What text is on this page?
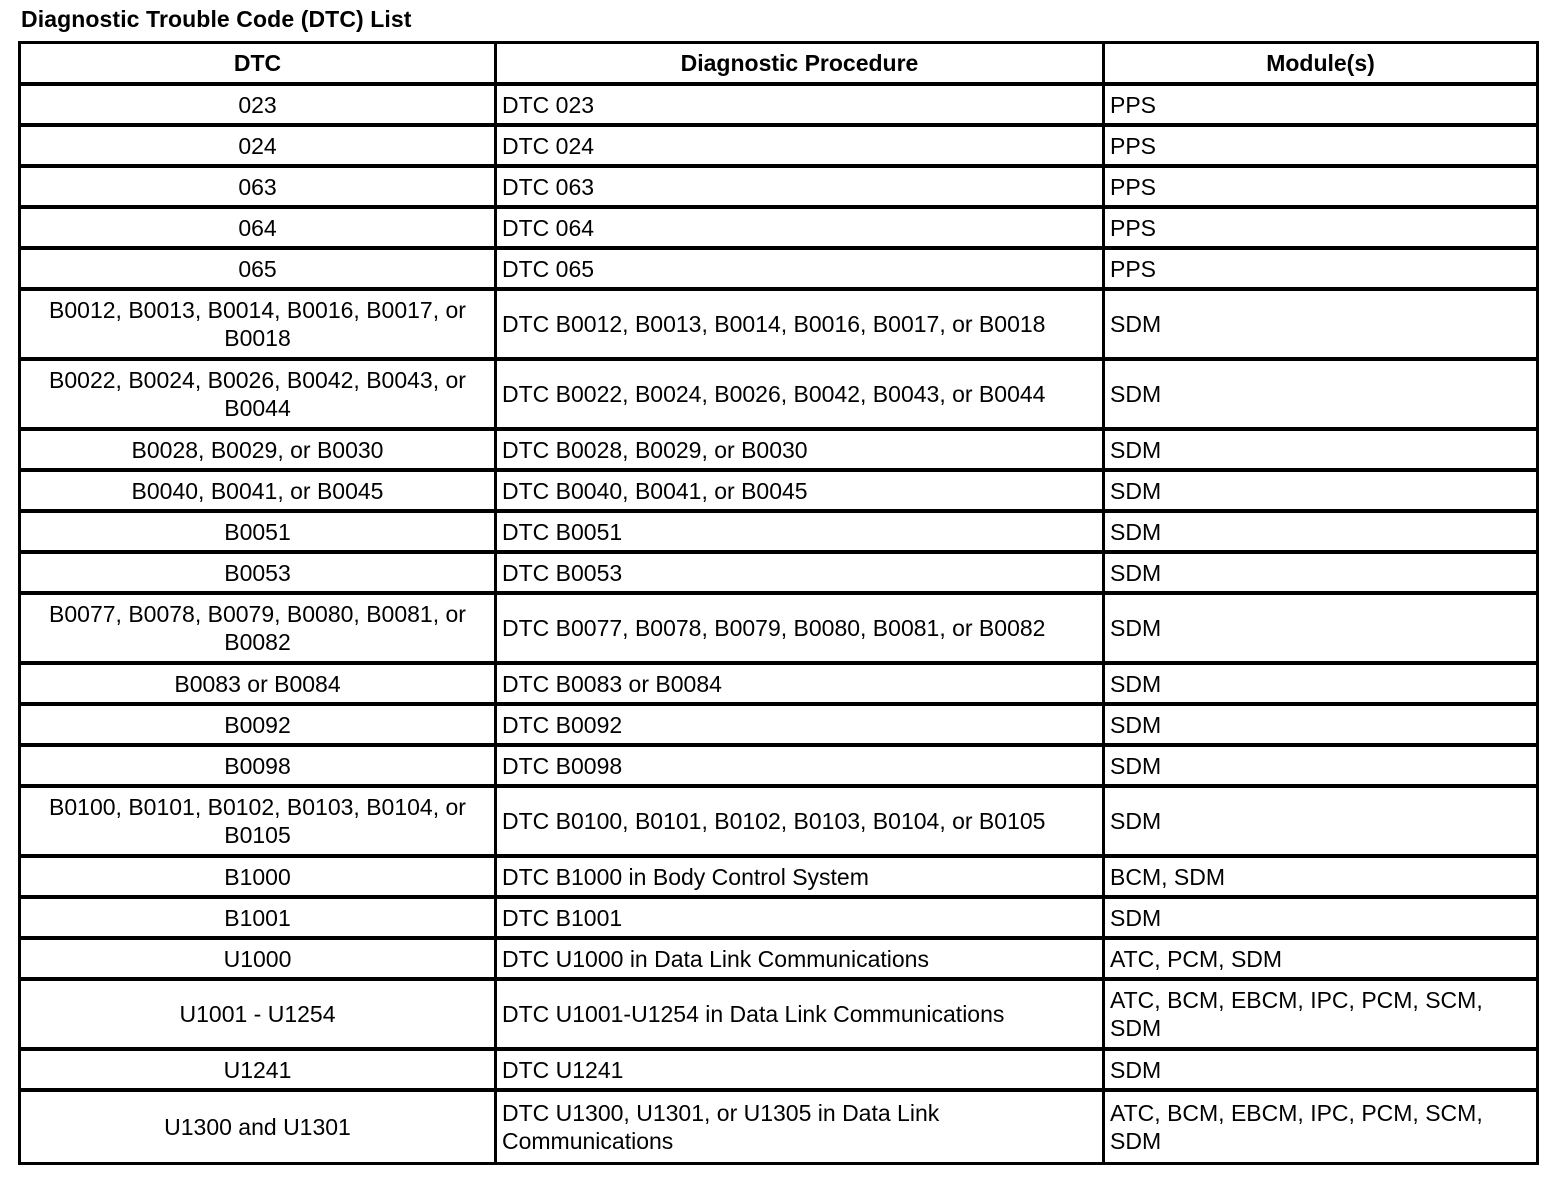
Diagnostic Trouble Code (DTC) List
DTC	Diagnostic Procedure	Module(s)
023	DTC 023	PPS
024	DTC 024	PPS
063	DTC 063	PPS
064	DTC 064	PPS
065	DTC 065	PPS
B0012, B0013, B0014, B0016, B0017, or B0018	DTC B0012, B0013, B0014, B0016, B0017, or B0018	SDM
B0022, B0024, B0026, B0042, B0043, or B0044	DTC B0022, B0024, B0026, B0042, B0043, or B0044	SDM
B0028, B0029, or B0030	DTC B0028, B0029, or B0030	SDM
B0040, B0041, or B0045	DTC B0040, B0041, or B0045	SDM
B0051	DTC B0051	SDM
B0053	DTC B0053	SDM
B0077, B0078, B0079, B0080, B0081, or B0082	DTC B0077, B0078, B0079, B0080, B0081, or B0082	SDM
B0083 or B0084	DTC B0083 or B0084	SDM
B0092	DTC B0092	SDM
B0098	DTC B0098	SDM
B0100, B0101, B0102, B0103, B0104, or B0105	DTC B0100, B0101, B0102, B0103, B0104, or B0105	SDM
B1000	DTC B1000 in Body Control System	BCM, SDM
B1001	DTC B1001	SDM
U1000	DTC U1000 in Data Link Communications	ATC, PCM, SDM
U1001 - U1254	DTC U1001-U1254 in Data Link Communications	ATC, BCM, EBCM, IPC, PCM, SCM, SDM
U1241	DTC U1241	SDM
U1300 and U1301	DTC U1300, U1301, or U1305 in Data Link Communications	ATC, BCM, EBCM, IPC, PCM, SCM, SDM
